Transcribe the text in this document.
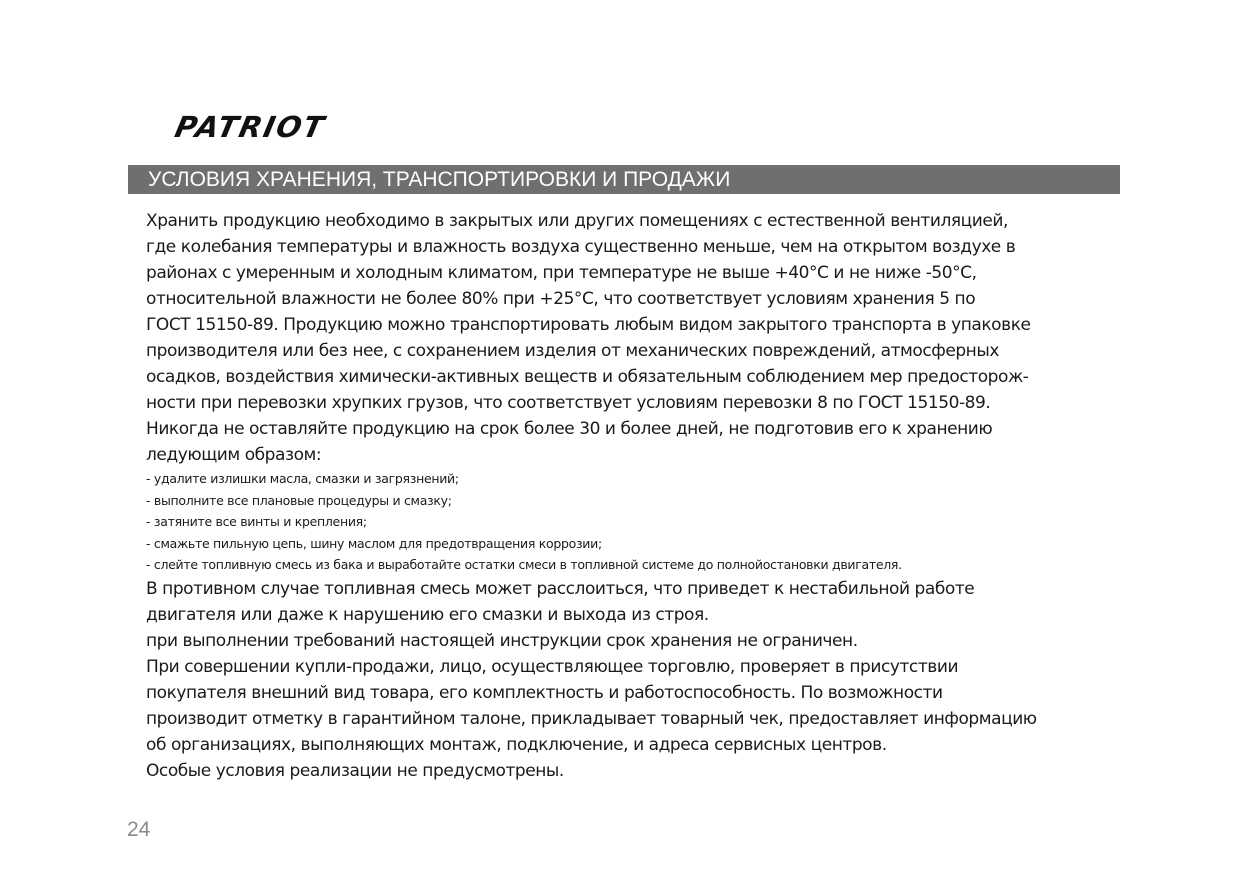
PATRIOT
УСЛОВИЯ ХРАНЕНИЯ, ТРАНСПОРТИРОВКИ И ПРОДАЖИ
Хранить продукцию необходимо в закрытых или других помещениях с естественной вентиляцией,
где колебания температуры и влажность воздуха существенно меньше, чем на открытом воздухе в
районах с умеренным и холодным климатом, при температуре не выше +40°С и не ниже -50°С,
относительной влажности не более 80% при +25°С, что соответствует условиям хранения 5 по
ГОСТ 15150-89. Продукцию можно транспортировать любым видом закрытого транспорта в упаковке
производителя или без нее, с сохранением изделия от механических повреждений, атмосферных
осадков, воздействия химически-активных веществ и обязательным соблюдением мер предосторож-
ности при перевозки хрупких грузов, что соответствует условиям перевозки 8 по ГОСТ 15150-89.
Никогда не оставляйте продукцию на срок более 30 и более дней, не подготовив его к хранению
ледующим образом:
- удалите излишки масла, смазки и загрязнений;
- выполните все плановые процедуры и смазку;
- затяните все винты и крепления;
- смажьте пильную цепь, шину маслом для предотвращения коррозии;
- слейте топливную смесь из бака и выработайте остатки смеси в топливной системе до полнойостановки двигателя.
В противном случае топливная смесь может расслоиться, что приведет к нестабильной работе
двигателя или даже к нарушению его смазки и выхода из строя.
при выполнении требований настоящей инструкции срок хранения не ограничен.
При совершении купли-продажи, лицо, осуществляющее торговлю, проверяет в присутствии
покупателя внешний вид товара, его комплектность и работоспособность. По возможности
производит отметку в гарантийном талоне, прикладывает товарный чек, предоставляет информацию
об организациях, выполняющих монтаж, подключение, и адреса сервисных центров.
Особые условия реализации не предусмотрены.
24
